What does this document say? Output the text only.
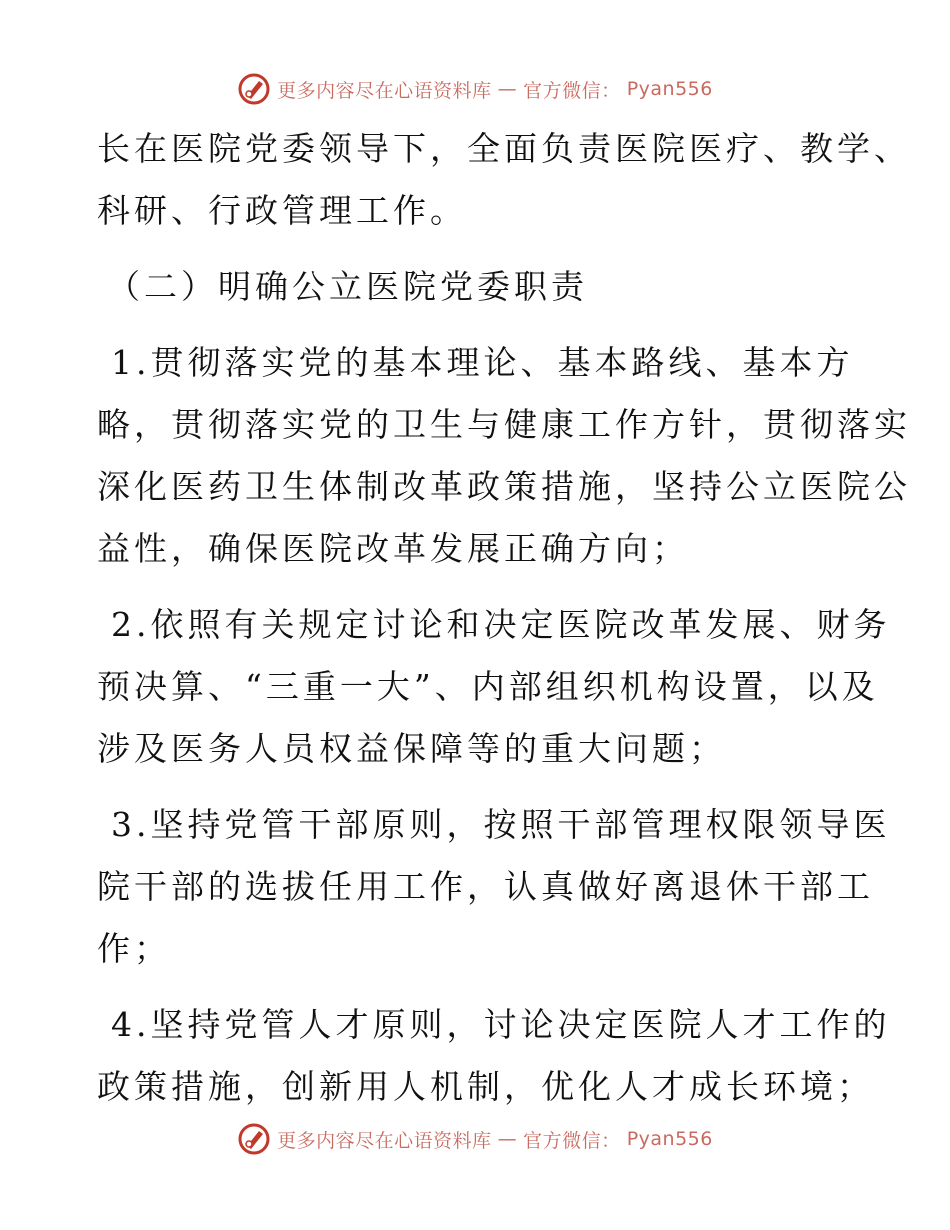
更多内容尽在心语资料库 — 官方微信： Pyan556
长在医院党委领导下，全面负责医院医疗、教学、
科研、行政管理工作。
（二）明确公立医院党委职责
1.贯彻落实党的基本理论、基本路线、基本方
略，贯彻落实党的卫生与健康工作方针，贯彻落实
深化医药卫生体制改革政策措施，坚持公立医院公
益性，确保医院改革发展正确方向；
2.依照有关规定讨论和决定医院改革发展、财务
预决算、“三重一大”、内部组织机构设置，以及
涉及医务人员权益保障等的重大问题；
3.坚持党管干部原则，按照干部管理权限领导医
院干部的选拔任用工作，认真做好离退休干部工
作；
4.坚持党管人才原则，讨论决定医院人才工作的
政策措施，创新用人机制，优化人才成长环境；
更多内容尽在心语资料库 — 官方微信： Pyan556
